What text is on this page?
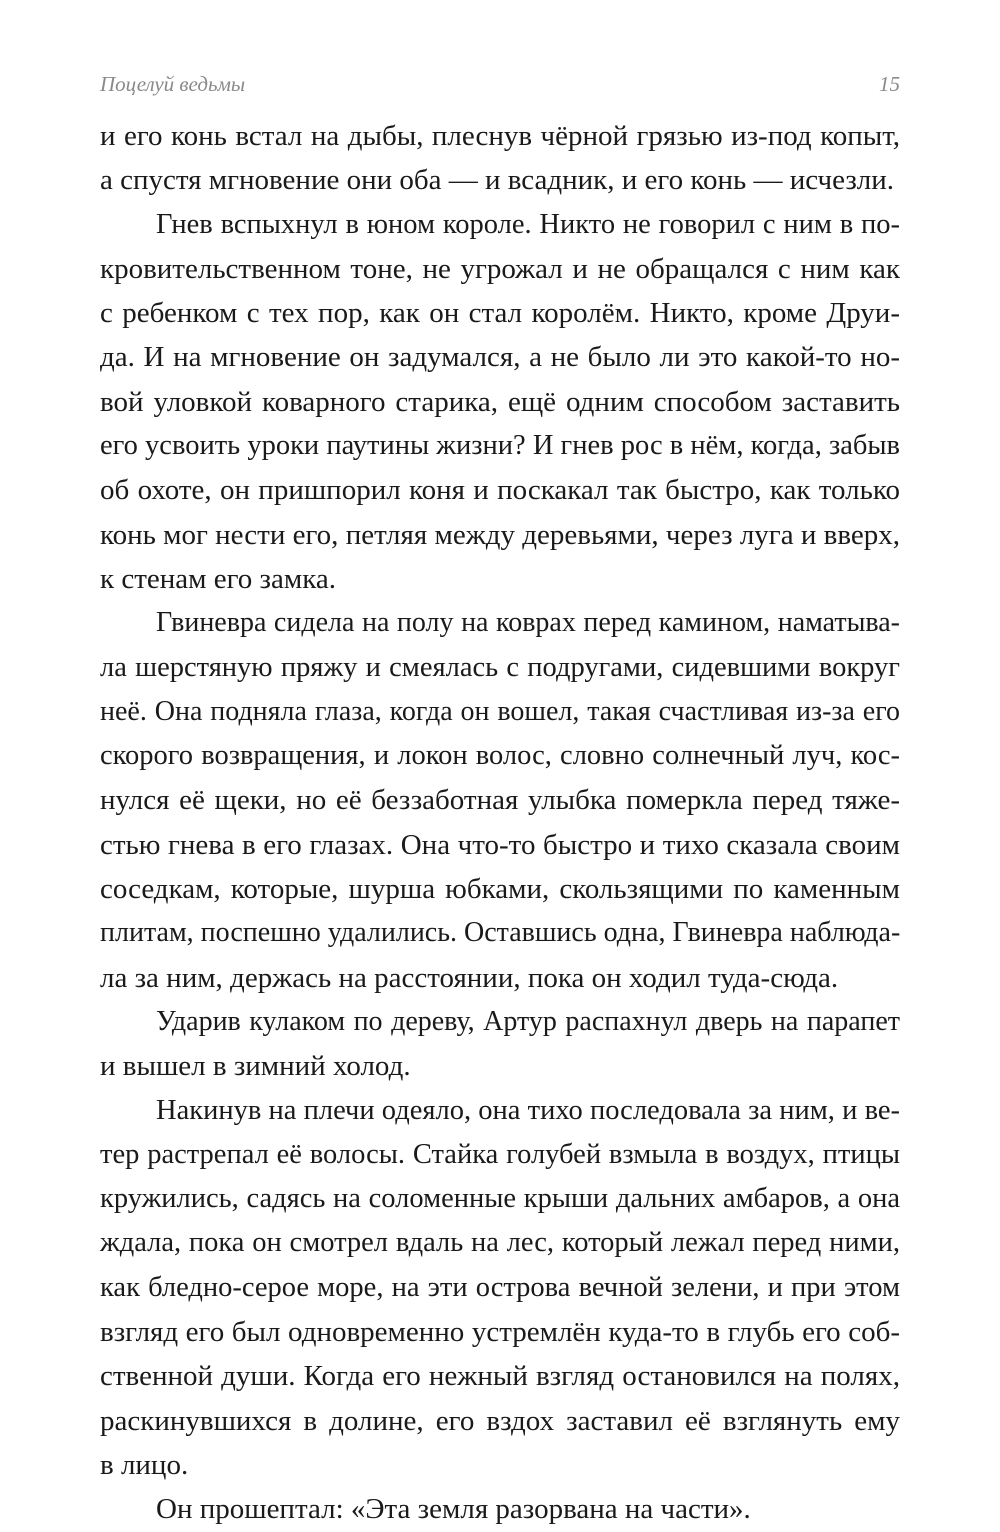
Поцелуй ведьмы	15
и его конь встал на дыбы, плеснув чёрной грязью из-под копыт,
а спустя мгновение они оба — и всадник, и его конь — исчезли.
Гнев вспыхнул в юном короле. Никто не говорил с ним в по-
кровительственном тоне, не угрожал и не обращался с ним как
с ребенком с тех пор, как он стал королём. Никто, кроме Друи-
да. И на мгновение он задумался, а не было ли это какой-то но-
вой уловкой коварного старика, ещё одним способом заставить
его усвоить уроки паутины жизни? И гнев рос в нём, когда, забыв
об охоте, он пришпорил коня и поскакал так быстро, как только
конь мог нести его, петляя между деревьями, через луга и вверх,
к стенам его замка.
Гвиневра сидела на полу на коврах перед камином, наматыва-
ла шерстяную пряжу и смеялась с подругами, сидевшими вокруг
неё. Она подняла глаза, когда он вошел, такая счастливая из-за его
скорого возвращения, и локон волос, словно солнечный луч, кос-
нулся её щеки, но её беззаботная улыбка померкла перед тяже-
стью гнева в его глазах. Она что-то быстро и тихо сказала своим
соседкам, которые, шурша юбками, скользящими по каменным
плитам, поспешно удалились. Оставшись одна, Гвиневра наблюда-
ла за ним, держась на расстоянии, пока он ходил туда-сюда.
Ударив кулаком по дереву, Артур распахнул дверь на парапет
и вышел в зимний холод.
Накинув на плечи одеяло, она тихо последовала за ним, и ве-
тер растрепал её волосы. Стайка голубей взмыла в воздух, птицы
кружились, садясь на соломенные крыши дальних амбаров, а она
ждала, пока он смотрел вдаль на лес, который лежал перед ними,
как бледно-серое море, на эти острова вечной зелени, и при этом
взгляд его был одновременно устремлён куда-то в глубь его соб-
ственной души. Когда его нежный взгляд остановился на полях,
раскинувшихся в долине, его вздох заставил её взглянуть ему
в лицо.
Он прошептал: «Эта земля разорвана на части».
